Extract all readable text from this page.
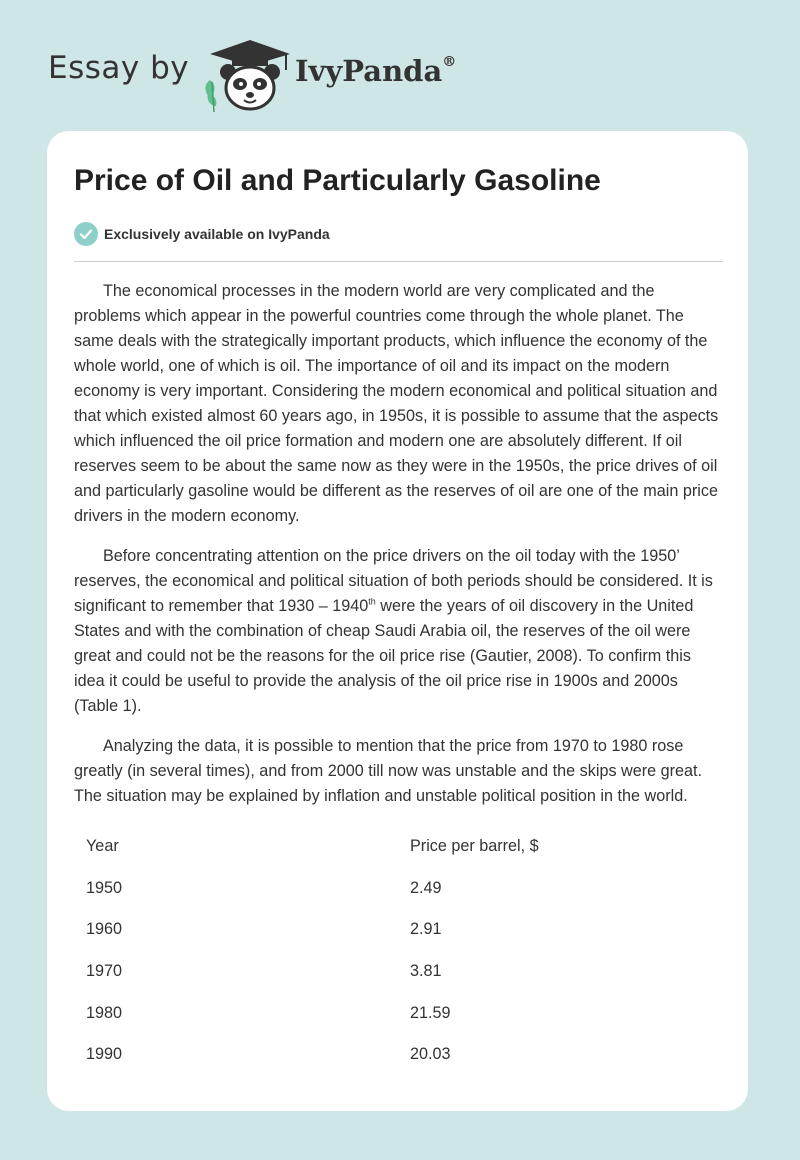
Essay by	IvyPanda®
Price of Oil and Particularly Gasoline
Exclusively available on IvyPanda

The economical processes in the modern world are very complicated and the problems which appear in the powerful countries come through the whole planet. The same deals with the strategically important products, which influence the economy of the whole world, one of which is oil. The importance of oil and its impact on the modern economy is very important. Considering the modern economical and political situation and that which existed almost 60 years ago, in 1950s, it is possible to assume that the aspects which influenced the oil price formation and modern one are absolutely different. If oil reserves seem to be about the same now as they were in the 1950s, the price drives of oil and particularly gasoline would be different as the reserves of oil are one of the main price drivers in the modern economy.

Before concentrating attention on the price drivers on the oil today with the 1950’ reserves, the economical and political situation of both periods should be considered. It is significant to remember that 1930 – 1940th were the years of oil discovery in the United States and with the combination of cheap Saudi Arabia oil, the reserves of the oil were great and could not be the reasons for the oil price rise (Gautier, 2008). To confirm this idea it could be useful to provide the analysis of the oil price rise in 1900s and 2000s (Table 1).

Analyzing the data, it is possible to mention that the price from 1970 to 1980 rose greatly (in several times), and from 2000 till now was unstable and the skips were great. The situation may be explained by inflation and unstable political position in the world.

Year	Price per barrel, $
1950	2.49
1960	2.91
1970	3.81
1980	21.59
1990	20.03
